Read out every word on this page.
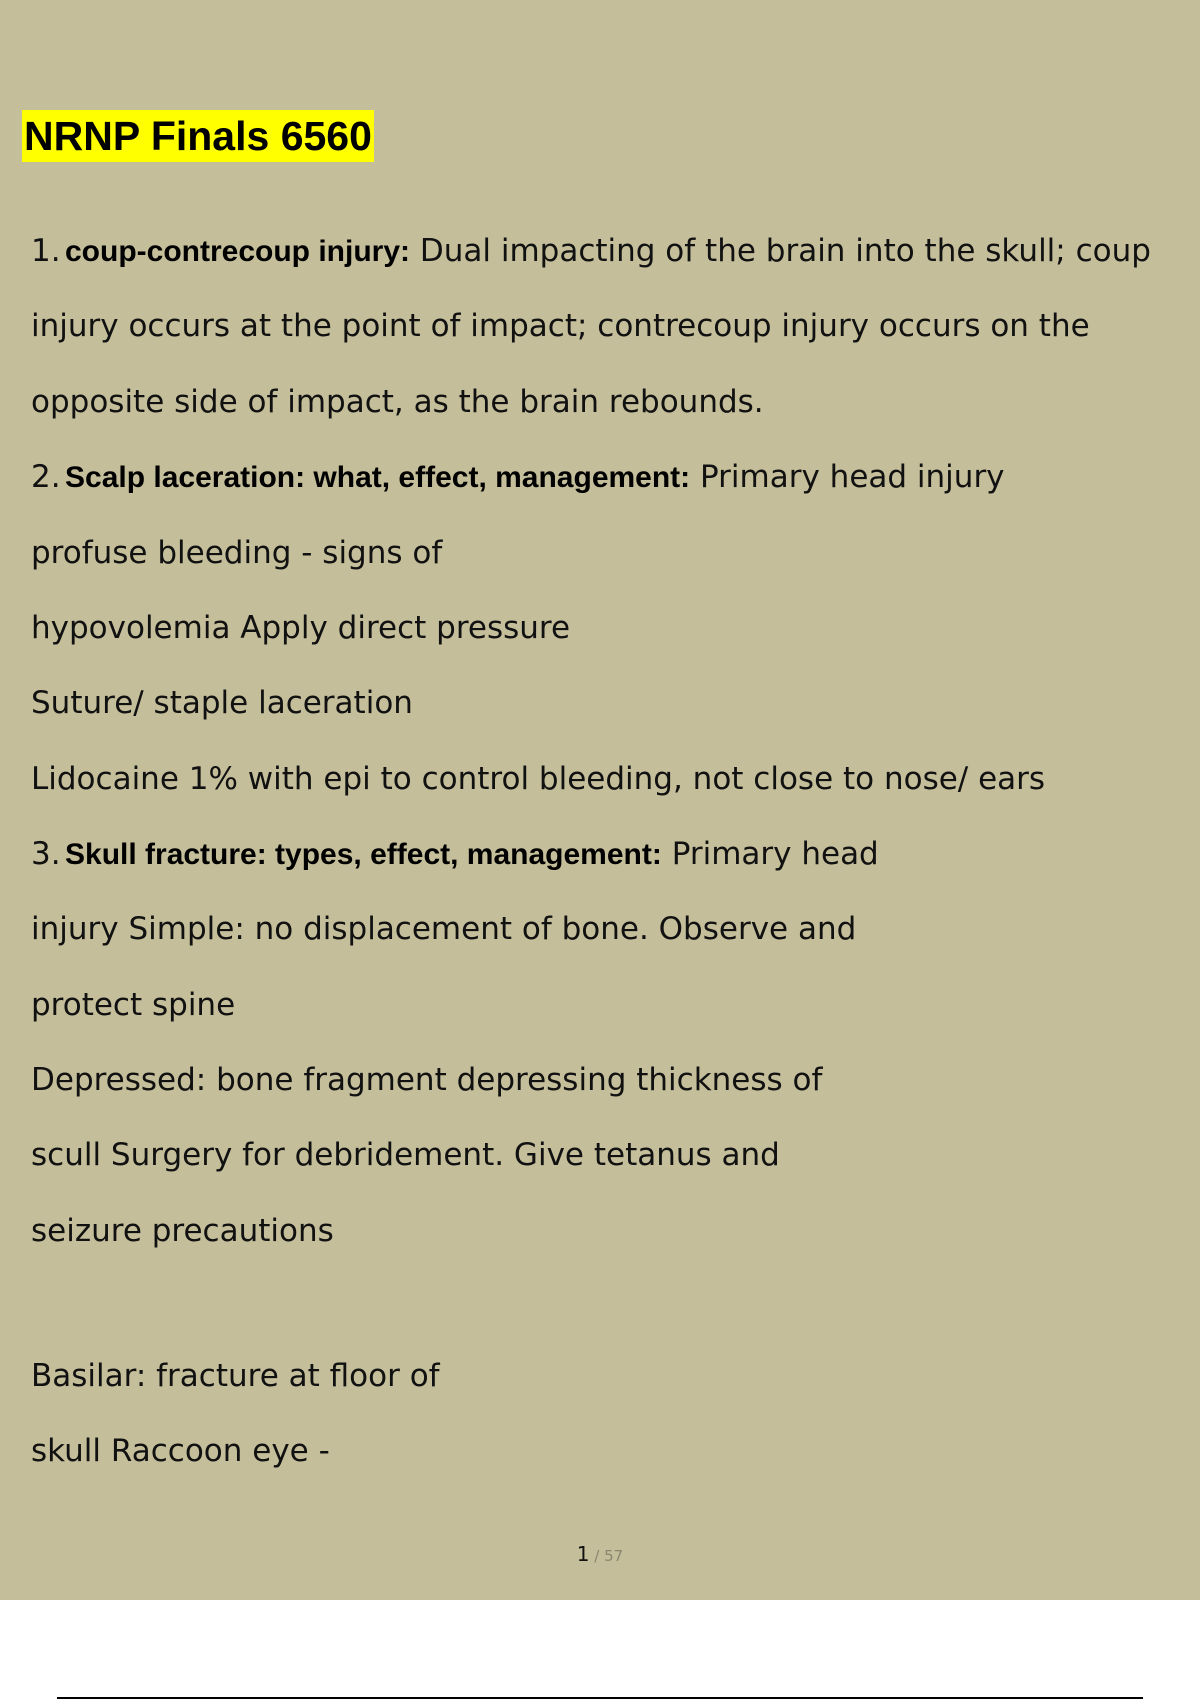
NRNP Finals 6560
1. coup-contrecoup injury: Dual impacting of the brain into the skull; coup
injury occurs at the point of impact; contrecoup injury occurs on the
opposite side of impact, as the brain rebounds.
2. Scalp laceration: what, effect, management: Primary head injury
profuse bleeding - signs of
hypovolemia Apply direct pressure
Suture/ staple laceration
Lidocaine 1% with epi to control bleeding, not close to nose/ ears
3. Skull fracture: types, effect, management: Primary head
injury Simple: no displacement of bone. Observe and
protect spine
Depressed: bone fragment depressing thickness of
scull Surgery for debridement. Give tetanus and
seizure precautions
Basilar: fracture at floor of
skull Raccoon eye -
1 / 57
